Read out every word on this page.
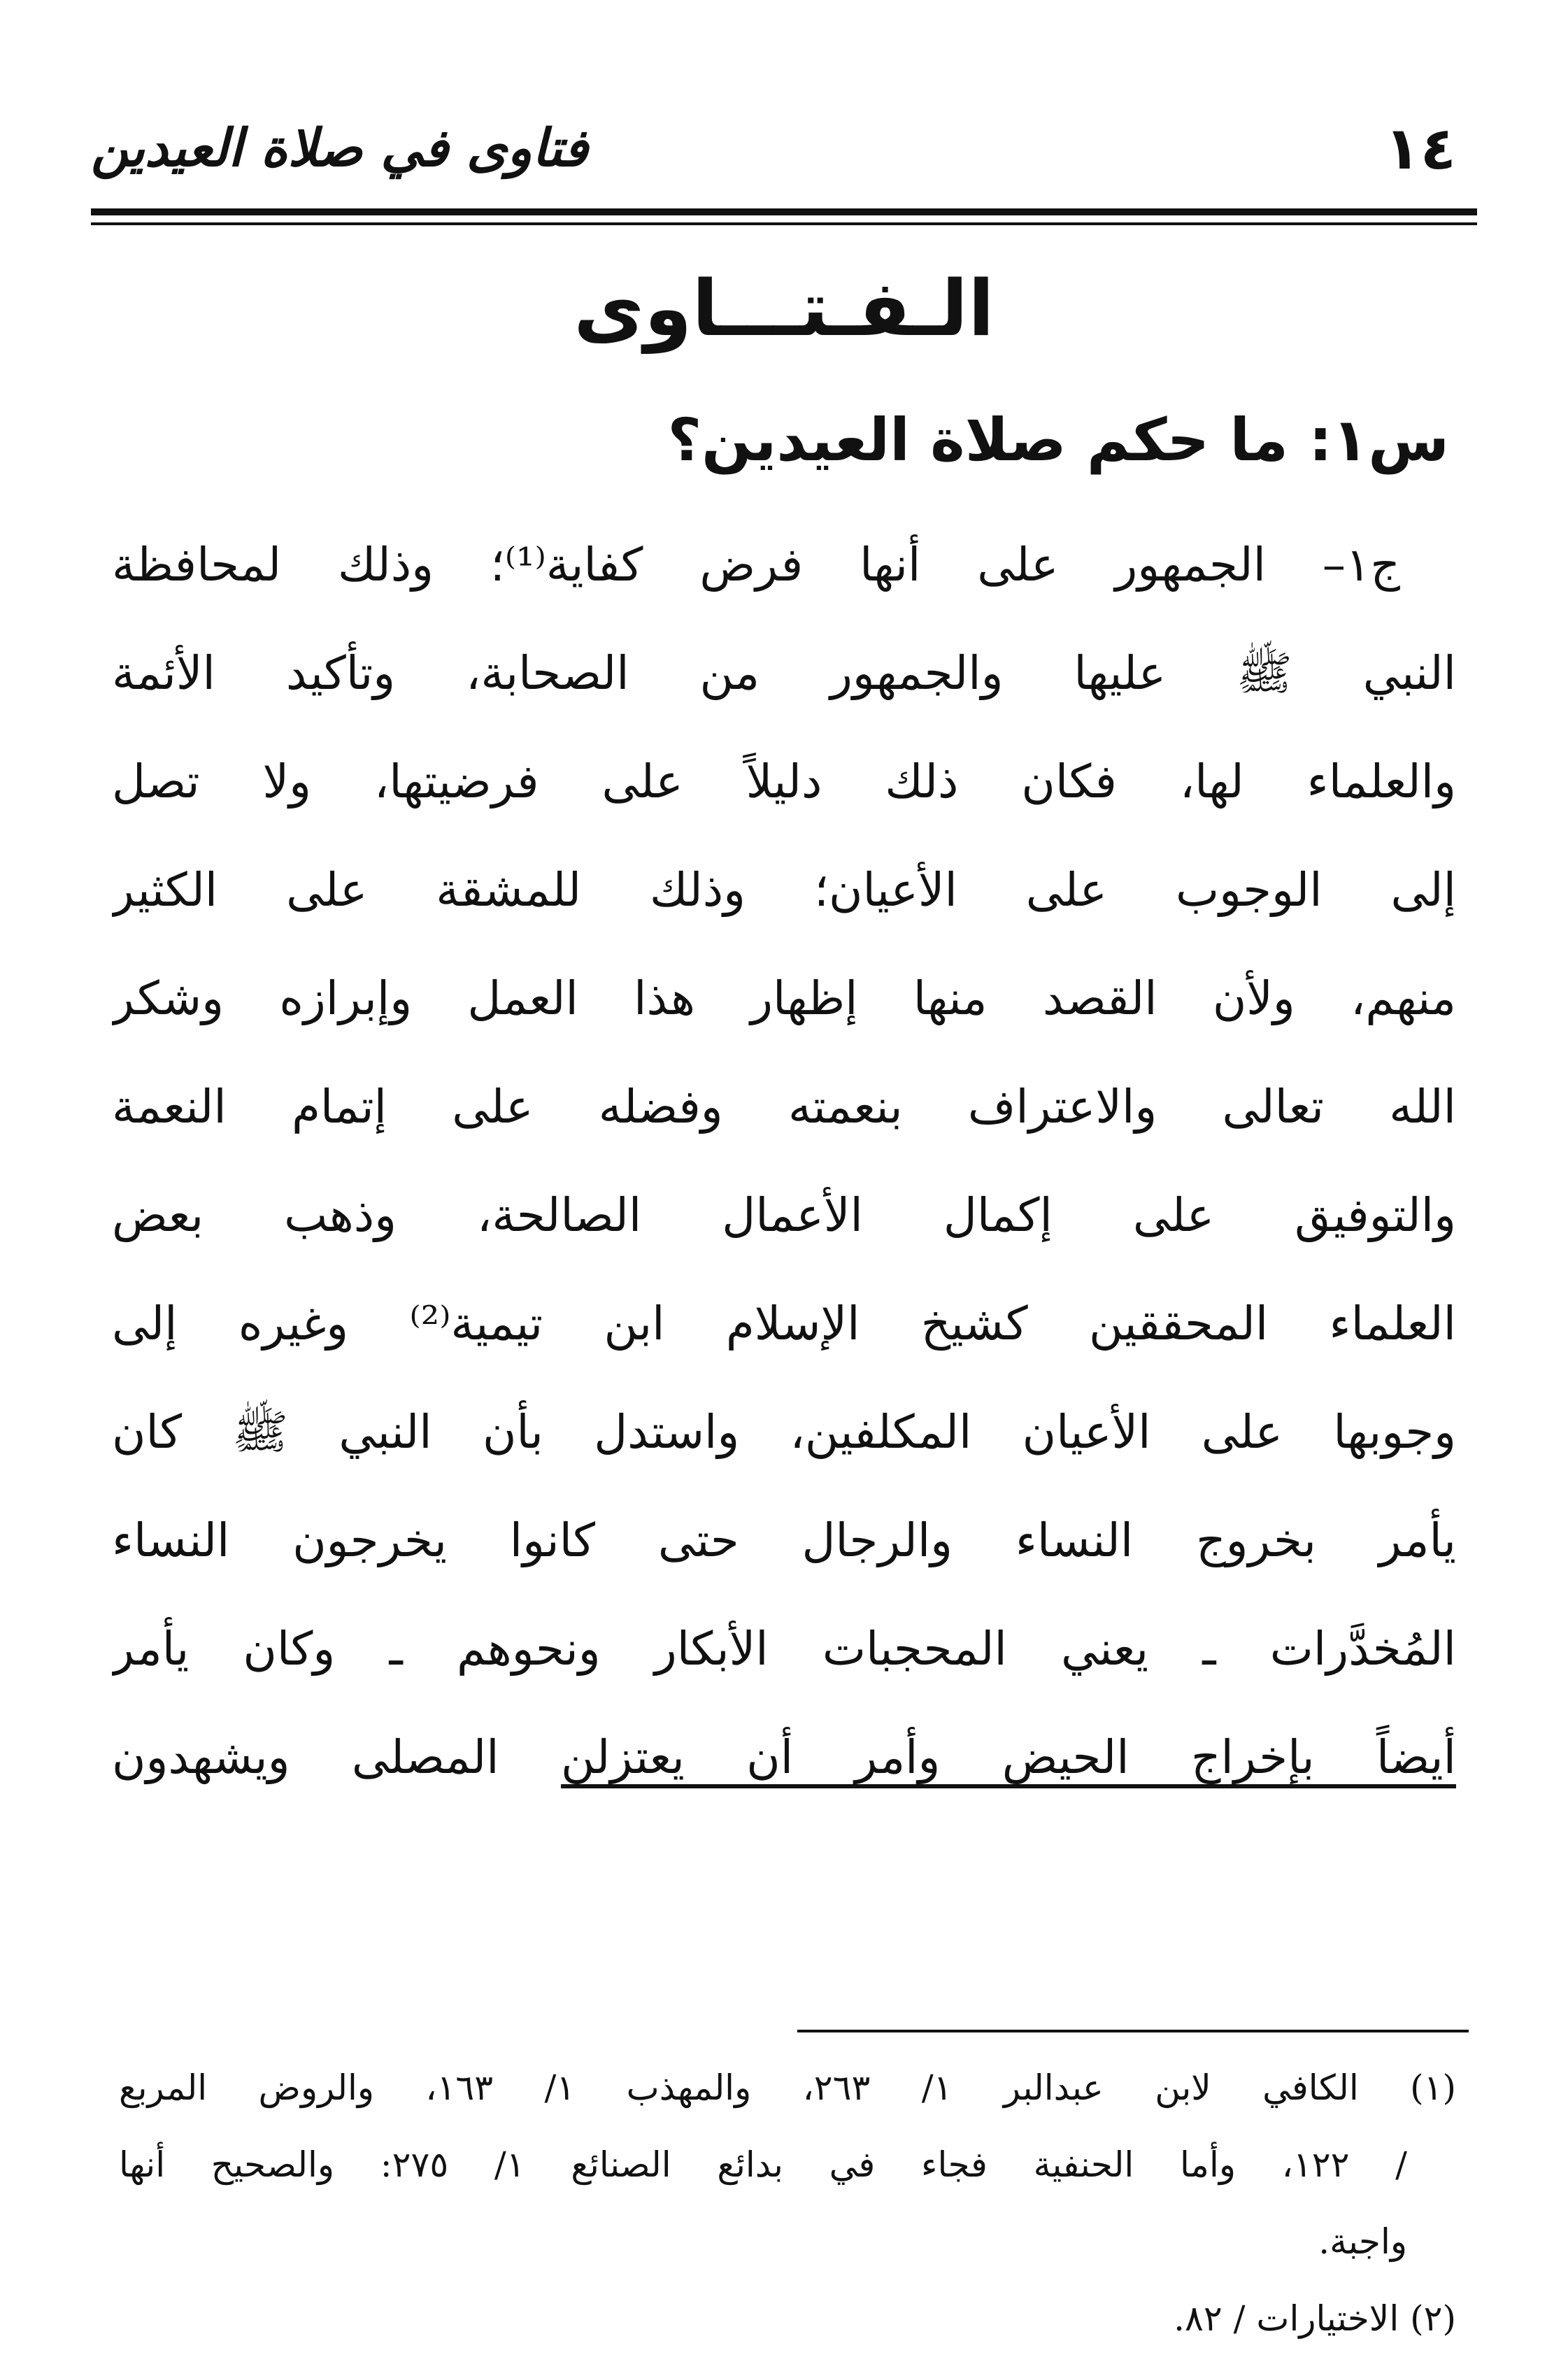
١٤
فتاوى في صلاة العيدين
الـفـتـــاوى
س١: ما حكم صلاة العيدين؟
ج١– الجمهور على أنها فرض كفاية⁽¹⁾؛ وذلك لمحافظة
النبي ﷺ عليها والجمهور من الصحابة، وتأكيد الأئمة
والعلماء لها، فكان ذلك دليلاً على فرضيتها، ولا تصل
إلى الوجوب على الأعيان؛ وذلك للمشقة على الكثير
منهم، ولأن القصد منها إظهار هذا العمل وإبرازه وشكر
الله تعالى والاعتراف بنعمته وفضله على إتمام النعمة
والتوفيق على إكمال الأعمال الصالحة، وذهب بعض
العلماء المحققين كشيخ الإسلام ابن تيمية⁽²⁾ وغيره إلى
وجوبها على الأعيان المكلفين، واستدل بأن النبي ﷺ كان
يأمر بخروج النساء والرجال حتى كانوا يخرجون النساء
المُخدَّرات ـ يعني المحجبات الأبكار ونحوهم ـ وكان يأمر
أيضاً بإخراج الحيض وأمر أن يعتزلن المصلى ويشهدون
(١) الكافي لابن عبدالبر ١/ ٢٦٣، والمهذب ١/ ١٦٣، والروض المربع
/ ١٢٢، وأما الحنفية فجاء في بدائع الصنائع ١/ ٢٧٥: والصحيح أنها
واجبة.
(٢) الاختيارات / ٨٢.
